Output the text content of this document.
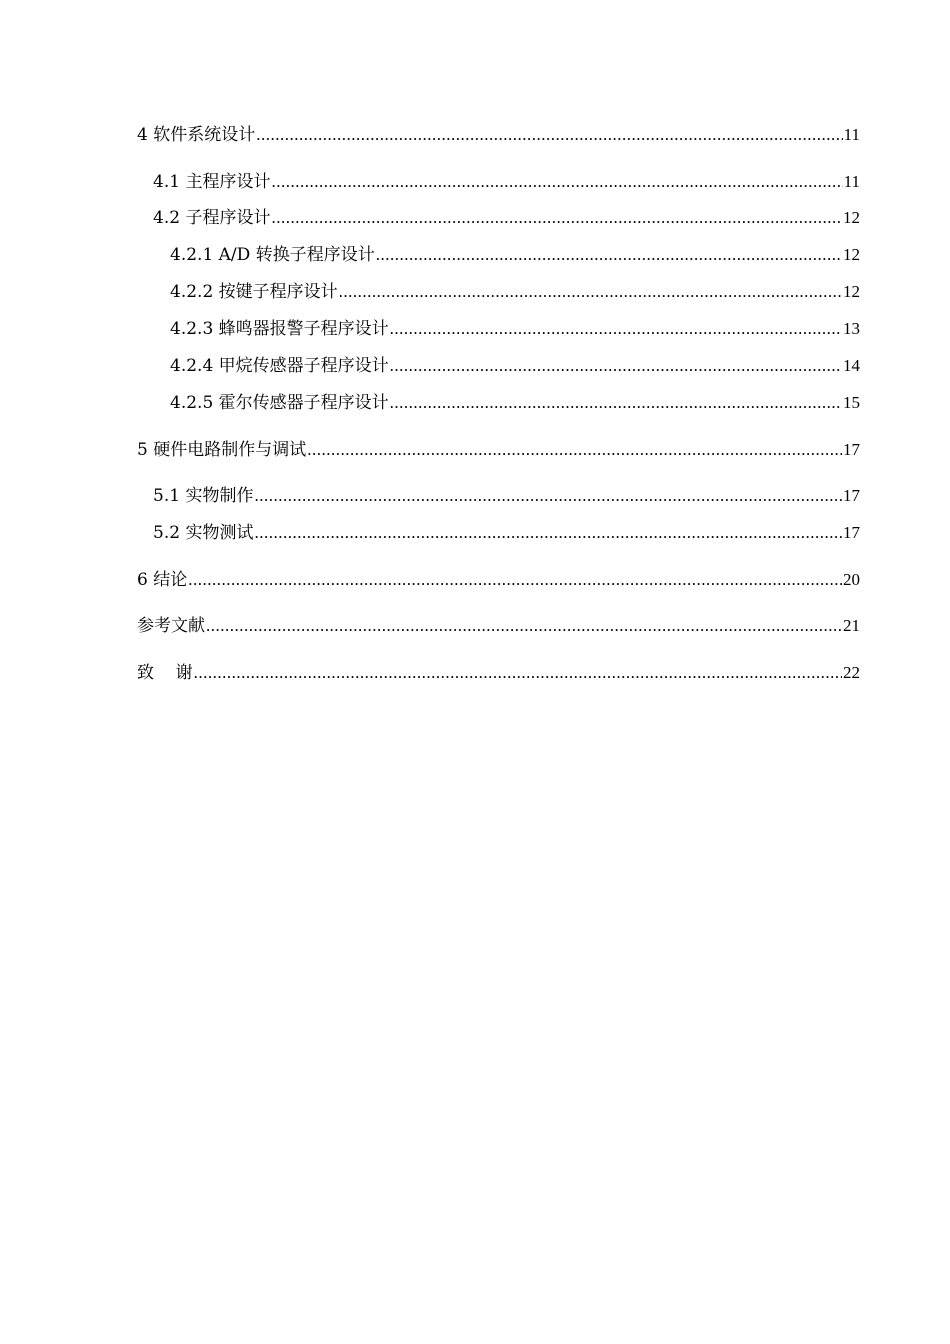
4 软件系统设计 .....	11
4.1 主程序设计 .....	11
4.2 子程序设计 .....	12
4.2.1 A/D 转换子程序设计 .....	12
4.2.2 按键子程序设计 .....	12
4.2.3 蜂鸣器报警子程序设计 .....	13
4.2.4 甲烷传感器子程序设计 .....	14
4.2.5 霍尔传感器子程序设计 .....	15
5 硬件电路制作与调试 .....	17
5.1 实物制作 .....	17
5.2 实物测试 .....	17
6 结论 .....	20
参考文献 .....	21
致    谢 .....	22
